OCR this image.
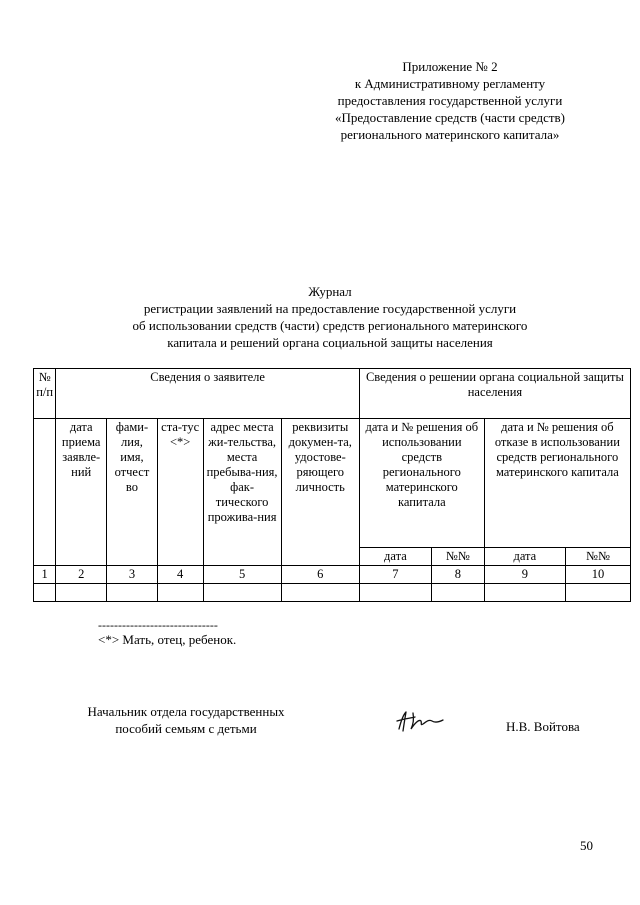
Приложение № 2
к Административному регламенту
предоставления государственной услуги
«Предоставление средств (части средств)
регионального материнского капитала»
Журнал
регистрации заявлений на предоставление государственной услуги
об использовании средств (части) средств регионального материнского
капитала и решений органа социальной защиты населения
№ п/п	Сведения о заявителе					Сведения о решении органа социальной защиты населения			
	дата приема заявле-ний	фами-лия, имя, отчест во	ста-тус <*>	адрес места жи-тельства, места пребыва-ния, фак-тического прожива-ния	реквизиты докумен-та, удостове-ряющего личность	дата и № решения об использовании средств регионального материнского капитала		дата и № решения об отказе в использовании средств регионального материнского капитала	
						дата	№№	дата	№№
1	2	3	4	5	6	7	8	9	10

------------------------------
<*> Мать, отец, ребенок.
Начальник отдела государственных
пособий семьям с детьми	Н.В. Войтова
50
